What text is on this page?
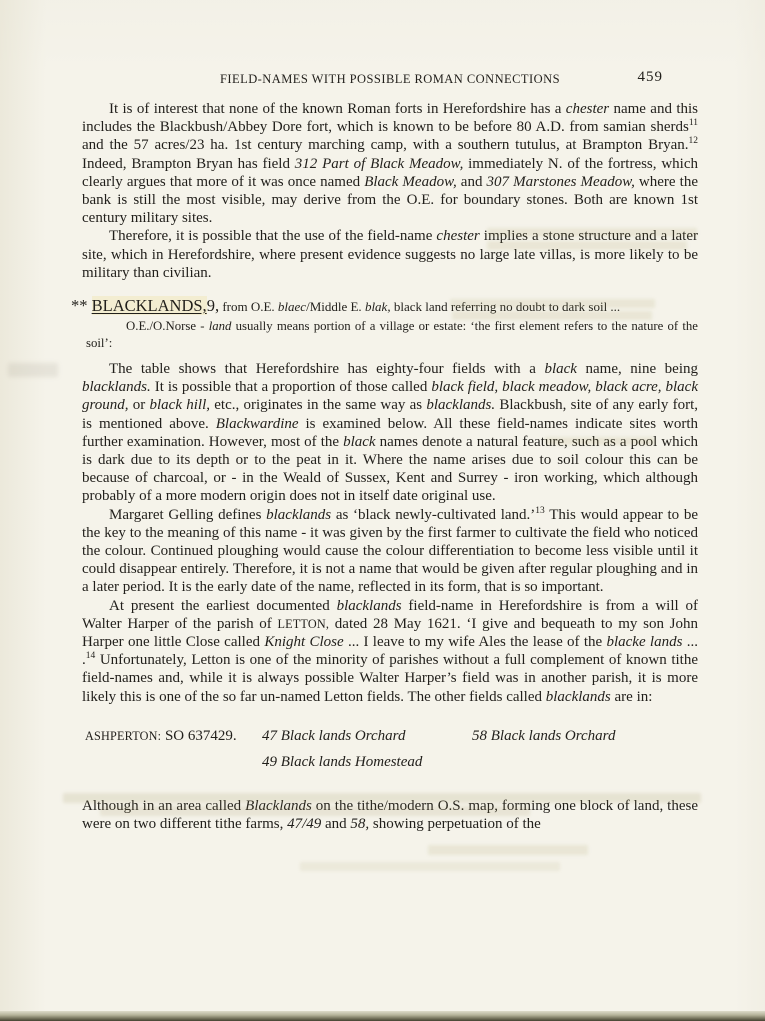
FIELD-NAMES WITH POSSIBLE ROMAN CONNECTIONS	459

It is of interest that none of the known Roman forts in Herefordshire has a chester name and this includes the Blackbush/Abbey Dore fort, which is known to be before 80 A.D. from samian sherds$^{11}$ and the 57 acres/23 ha. 1st century marching camp, with a southern tutulus, at Brampton Bryan.$^{12}$ Indeed, Brampton Bryan has field 312 Part of Black Meadow, immediately N. of the fortress, which clearly argues that more of it was once named Black Meadow, and 307 Marstones Meadow, where the bank is still the most visible, may derive from the O.E. for boundary stones. Both are known 1st century military sites.

Therefore, it is possible that the use of the field-name chester implies a stone structure and a later site, which in Herefordshire, where present evidence suggests no large late villas, is more likely to be military than civilian.

** BLACKLANDS,9, from O.E. blaec/Middle E. blak, black land referring no doubt to dark soil ...

O.E./O.Norse - land usually means portion of a village or estate: ‘the first element refers to the nature of the soil’:

The table shows that Herefordshire has eighty-four fields with a black name, nine being blacklands. It is possible that a proportion of those called black field, black meadow, black acre, black ground, or black hill, etc., originates in the same way as blacklands. Blackbush, site of any early fort, is mentioned above. Blackwardine is examined below. All these field-names indicate sites worth further examination. However, most of the black names denote a natural feature, such as a pool which is dark due to its depth or to the peat in it. Where the name arises due to soil colour this can be because of charcoal, or - in the Weald of Sussex, Kent and Surrey - iron working, which although probably of a more modern origin does not in itself date original use.

Margaret Gelling defines blacklands as ‘black newly-cultivated land.’$^{13}$ This would appear to be the key to the meaning of this name - it was given by the first farmer to cultivate the field who noticed the colour. Continued ploughing would cause the colour differentiation to become less visible until it could disappear entirely. Therefore, it is not a name that would be given after regular ploughing and in a later period. It is the early date of the name, reflected in its form, that is so important.

At present the earliest documented blacklands field-name in Herefordshire is from a will of Walter Harper of the parish of LETTON, dated 28 May 1621. ‘I give and bequeath to my son John Harper one little Close called Knight Close ... I leave to my wife Ales the lease of the blacke lands ... .$^{14}$ Unfortunately, Letton is one of the minority of parishes without a full complement of known tithe field-names and, while it is always possible Walter Harper’s field was in another parish, it is more likely this is one of the so far un-named Letton fields. The other fields called blacklands are in:

ASHPERTON: SO 637429. 47 Black lands Orchard	58 Black lands Orchard
49 Black lands Homestead

Although in an area called Blacklands on the tithe/modern O.S. map, forming one block of land, these were on two different tithe farms, 47/49 and 58, showing perpetuation of the
